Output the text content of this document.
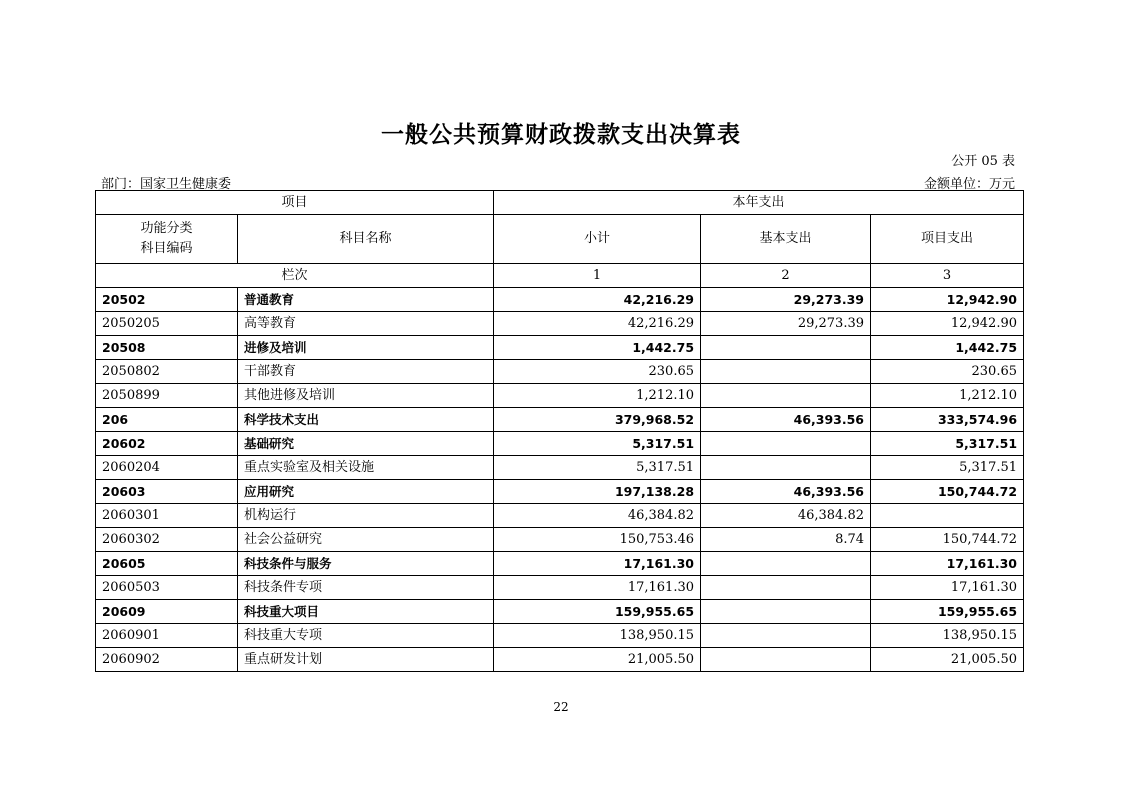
一般公共预算财政拨款支出决算表
公开 05 表
部门：国家卫生健康委	金额单位：万元
项目		本年支出		

功能分类
科目编码	科目名称	小计	基本支出	项目支出
栏次		1	2	3
20502	普通教育	42,216.29	29,273.39	12,942.90
2050205	高等教育	42,216.29	29,273.39	12,942.90
20508	进修及培训	1,442.75		1,442.75
2050802	干部教育	230.65		230.65
2050899	其他进修及培训	1,212.10		1,212.10
206	科学技术支出	379,968.52	46,393.56	333,574.96
20602	基础研究	5,317.51		5,317.51
2060204	重点实验室及相关设施	5,317.51		5,317.51
20603	应用研究	197,138.28	46,393.56	150,744.72
2060301	机构运行	46,384.82	46,384.82	
2060302	社会公益研究	150,753.46	8.74	150,744.72
20605	科技条件与服务	17,161.30		17,161.30
2060503	科技条件专项	17,161.30		17,161.30
20609	科技重大项目	159,955.65		159,955.65
2060901	科技重大专项	138,950.15		138,950.15
2060902	重点研发计划	21,005.50		21,005.50
22
